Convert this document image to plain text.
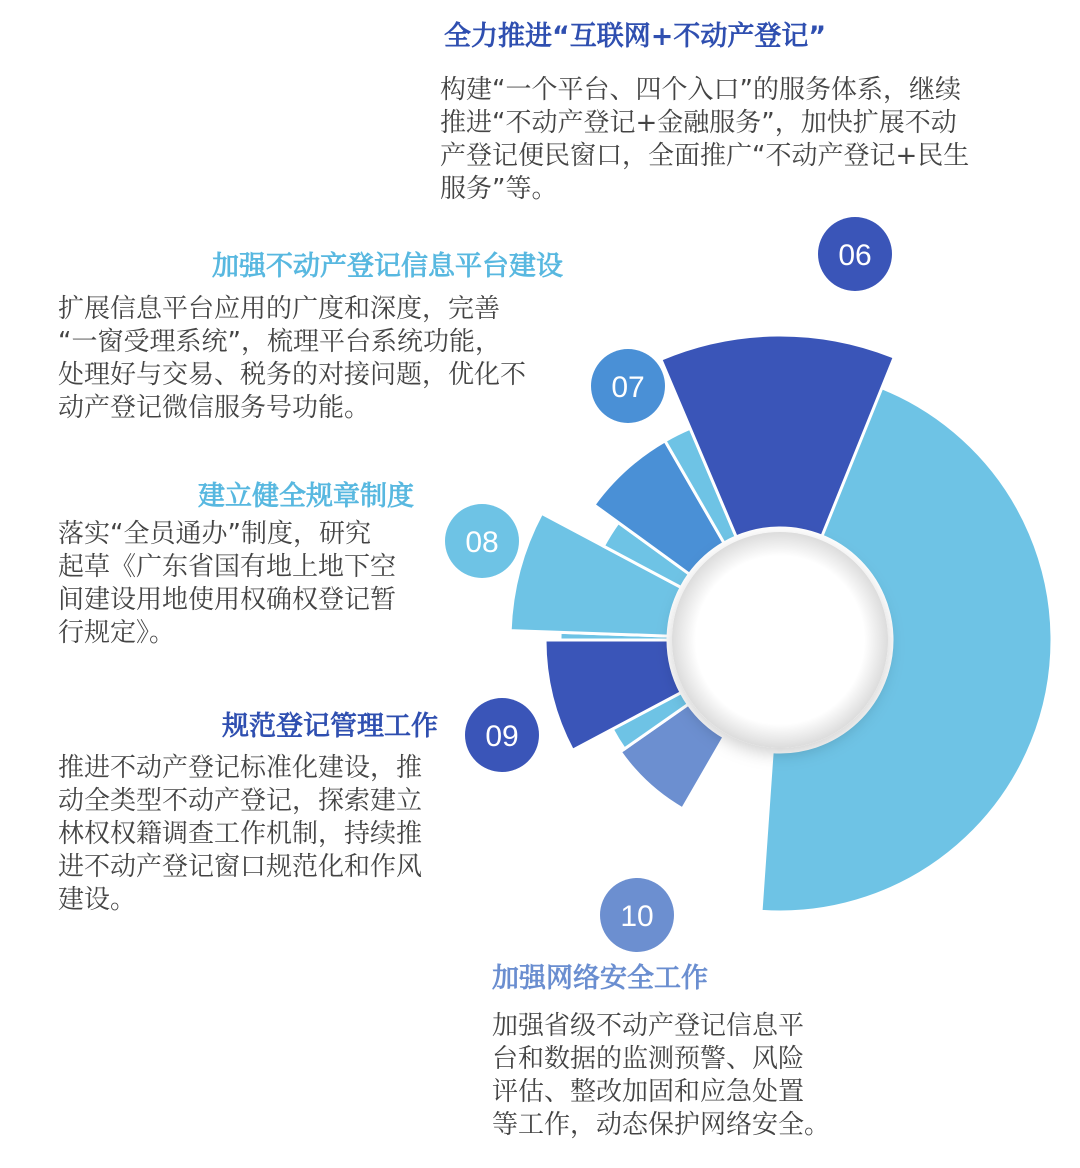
06
07
08
09
10
全力推进“互联网+不动产登记”
构建“一个平台、四个入口”的服务体系，继续
推进“不动产登记+金融服务”，加快扩展不动
产登记便民窗口，全面推广“不动产登记+民生
服务”等。
加强不动产登记信息平台建设
扩展信息平台应用的广度和深度，完善
“一窗受理系统”，梳理平台系统功能，
处理好与交易、税务的对接问题，优化不
动产登记微信服务号功能。
建立健全规章制度
落实“全员通办”制度，研究
起草《广东省国有地上地下空
间建设用地使用权确权登记暂
行规定》。
规范登记管理工作
推进不动产登记标准化建设，推
动全类型不动产登记，探索建立
林权权籍调查工作机制，持续推
进不动产登记窗口规范化和作风
建设。
加强网络安全工作
加强省级不动产登记信息平
台和数据的监测预警、风险
评估、整改加固和应急处置
等工作，动态保护网络安全。
